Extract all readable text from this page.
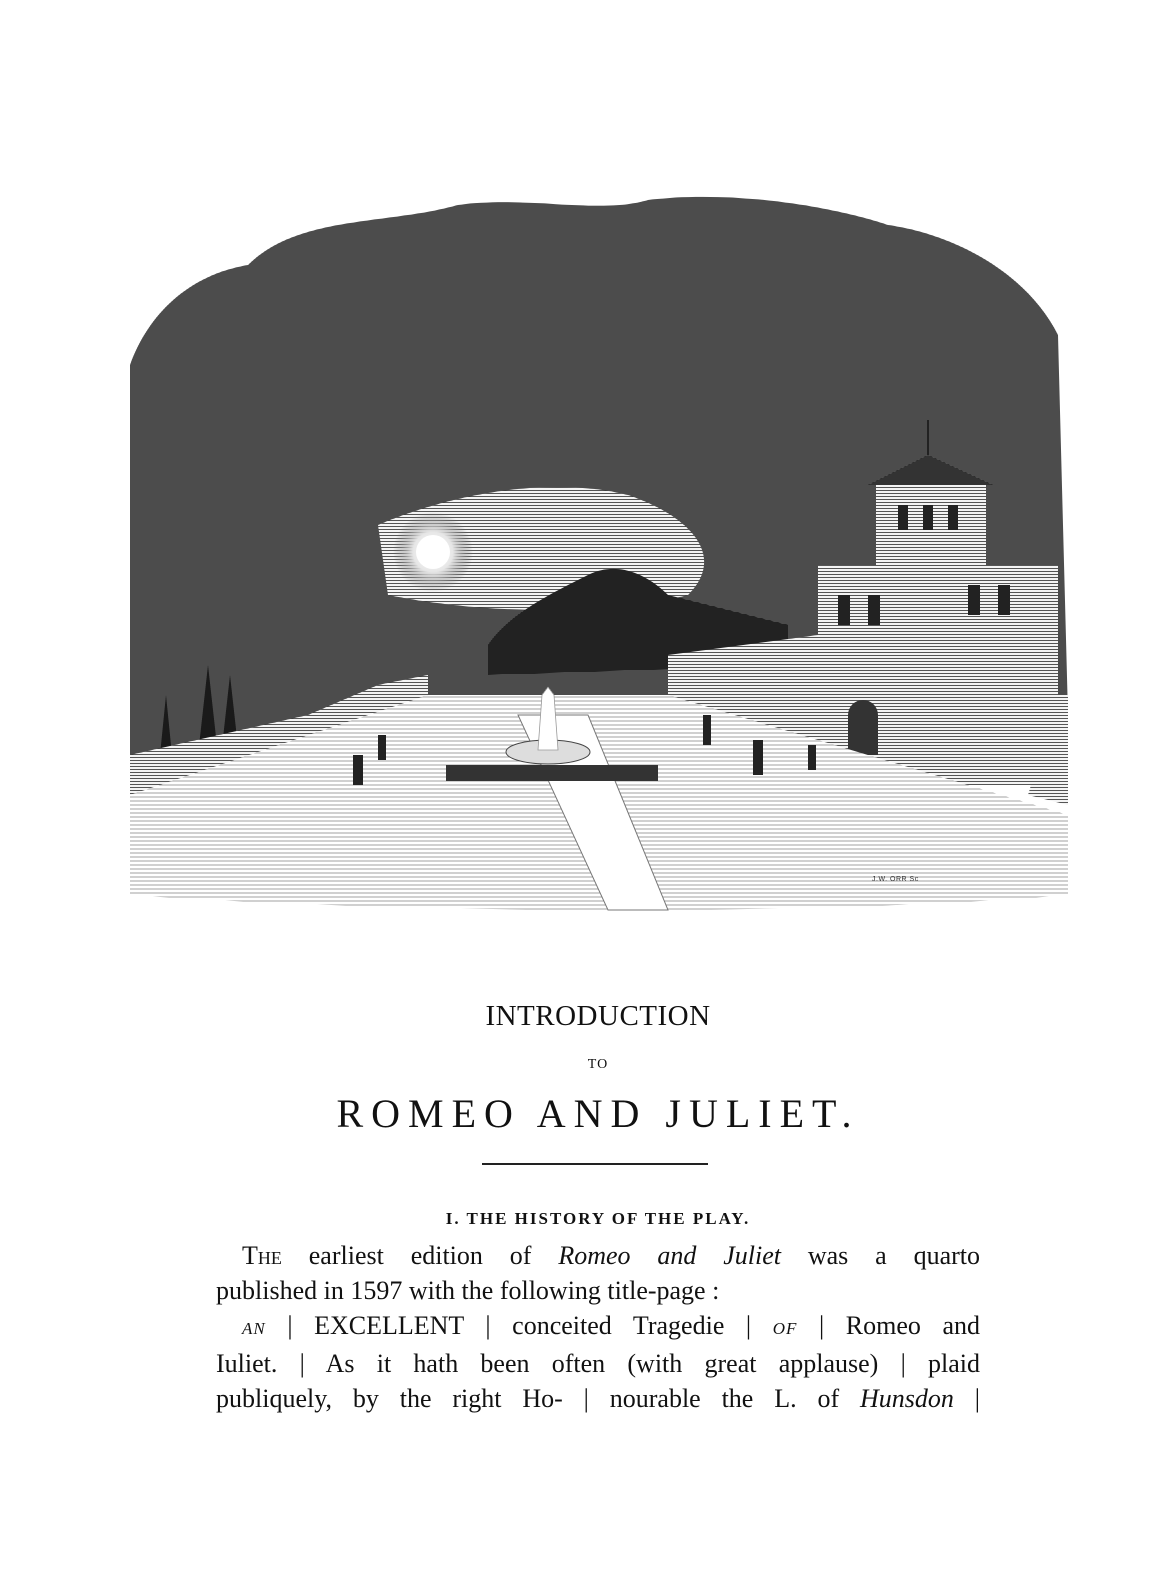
J.W. ORR Sc
INTRODUCTION
TO
ROMEO AND JULIET.
I. THE HISTORY OF THE PLAY.
The earliest edition of Romeo and Juliet was a quarto
published in 1597 with the following title-page :
AN | EXCELLENT | conceited Tragedie | OF | Romeo and
Iuliet. | As it hath been often (with great applause) | plaid
publiquely, by the right Ho- | nourable the L. of Hunsdon |
